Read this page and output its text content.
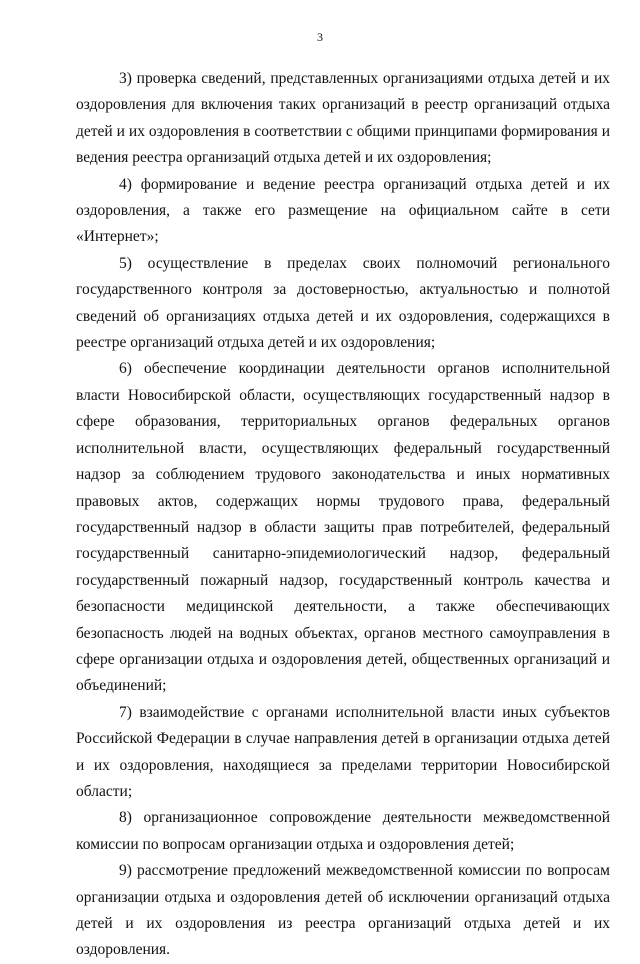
3

3) проверка сведений, представленных организациями отдыха детей и их оздоровления для включения таких организаций в реестр организаций отдыха детей и их оздоровления в соответствии с общими принципами формирования и ведения реестра организаций отдыха детей и их оздоровления;

4) формирование и ведение реестра организаций отдыха детей и их оздоровления, а также его размещение на официальном сайте в сети «Интернет»;

5) осуществление в пределах своих полномочий регионального государственного контроля за достоверностью, актуальностью и полнотой сведений об организациях отдыха детей и их оздоровления, содержащихся в реестре организаций отдыха детей и их оздоровления;

6) обеспечение координации деятельности органов исполнительной власти Новосибирской области, осуществляющих государственный надзор в сфере образования, территориальных органов федеральных органов исполнительной власти, осуществляющих федеральный государственный надзор за соблюдением трудового законодательства и иных нормативных правовых актов, содержащих нормы трудового права, федеральный государственный надзор в области защиты прав потребителей, федеральный государственный санитарно-эпидемиологический надзор, федеральный государственный пожарный надзор, государственный контроль качества и безопасности медицинской деятельности, а также обеспечивающих безопасность людей на водных объектах, органов местного самоуправления в сфере организации отдыха и оздоровления детей, общественных организаций и объединений;

7) взаимодействие с органами исполнительной власти иных субъектов Российской Федерации в случае направления детей в организации отдыха детей и их оздоровления, находящиеся за пределами территории Новосибирской области;

8) организационное сопровождение деятельности межведомственной комиссии по вопросам организации отдыха и оздоровления детей;

9) рассмотрение предложений межведомственной комиссии по вопросам организации отдыха и оздоровления детей об исключении организаций отдыха детей и их оздоровления из реестра организаций отдыха детей и их оздоровления.
